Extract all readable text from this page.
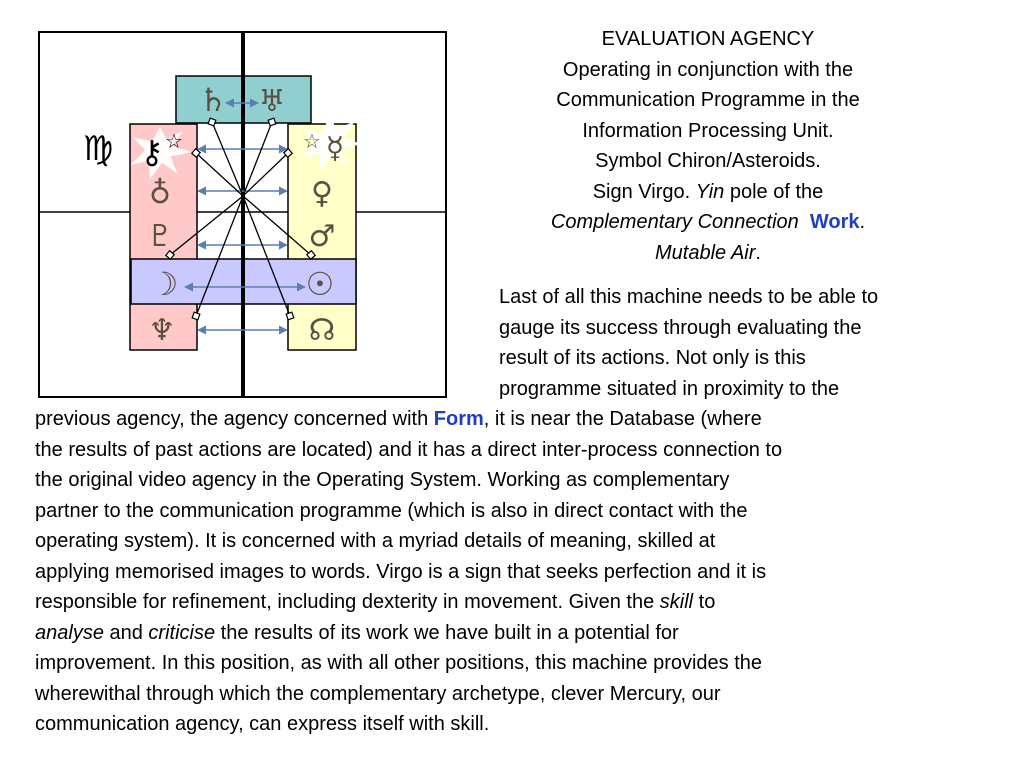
♍
♄ ♅
⚷ ☆	☆ ☿
♁	♀
♇	♂
☽	☉
♆	☊
EVALUATION AGENCY
Operating in conjunction with the
Communication Programme in the
Information Processing Unit.
Symbol Chiron/Asteroids.
Sign Virgo. Yin pole of the
Complementary Connection Work.
Mutable Air.
Last of all this machine needs to be able to
gauge its success through evaluating the
result of its actions. Not only is this
programme situated in proximity to the
previous agency, the agency concerned with Form, it is near the Database (where
the results of past actions are located) and it has a direct inter-process connection to
the original video agency in the Operating System. Working as complementary
partner to the communication programme (which is also in direct contact with the
operating system). It is concerned with a myriad details of meaning, skilled at
applying memorised images to words. Virgo is a sign that seeks perfection and it is
responsible for refinement, including dexterity in movement. Given the skill to
analyse and criticise the results of its work we have built in a potential for
improvement. In this position, as with all other positions, this machine provides the
wherewithal through which the complementary archetype, clever Mercury, our
communication agency, can express itself with skill.
